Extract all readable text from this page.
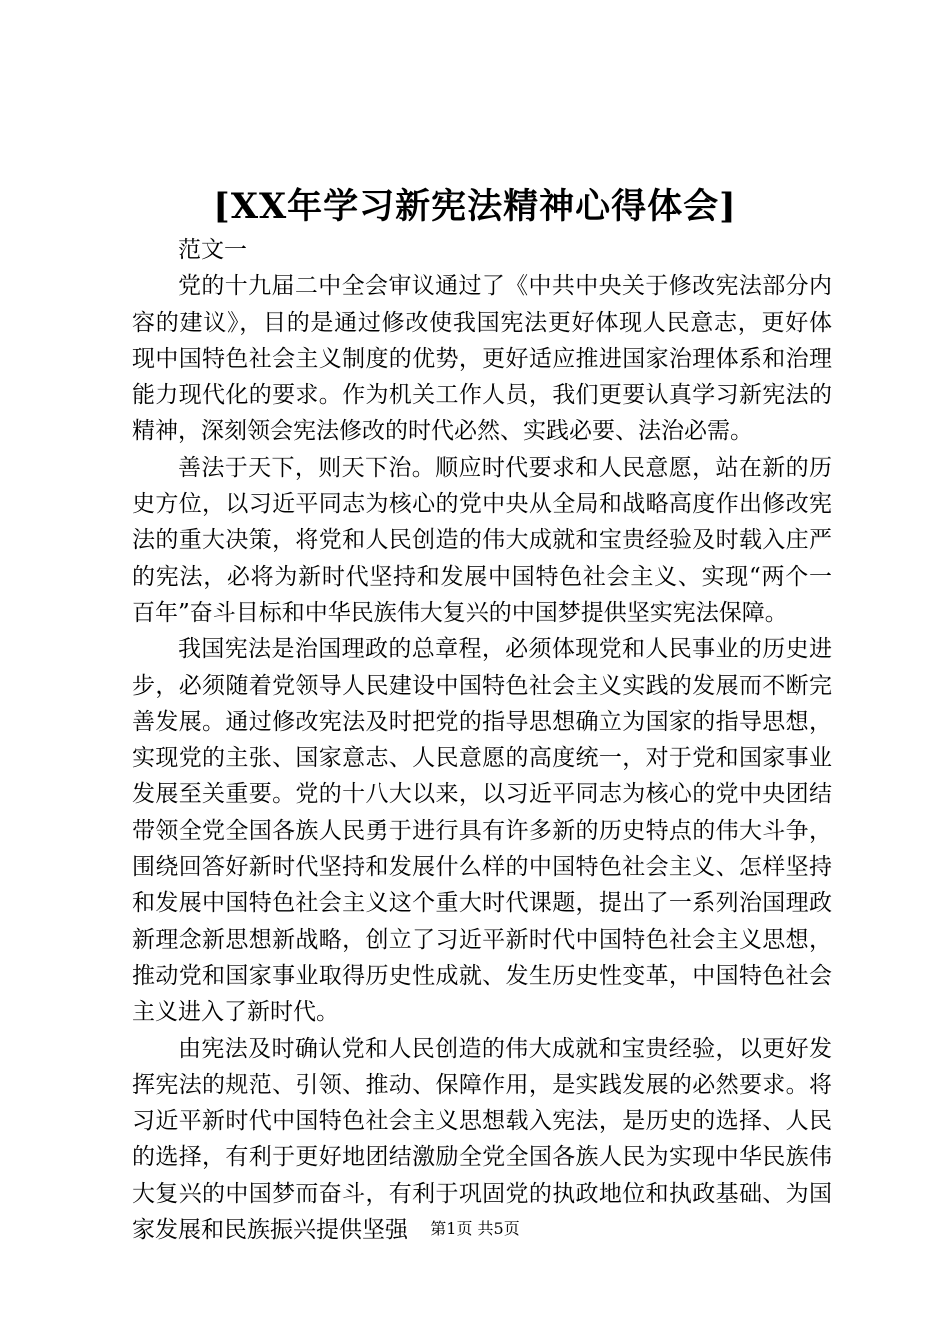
[XX年学习新宪法精神心得体会]

范文一

党的十九届二中全会审议通过了《中共中央关于修改宪法部分内容的建议》，目的是通过修改使我国宪法更好体现人民意志，更好体现中国特色社会主义制度的优势，更好适应推进国家治理体系和治理能力现代化的要求。作为机关工作人员，我们更要认真学习新宪法的精神，深刻领会宪法修改的时代必然、实践必要、法治必需。

善法于天下，则天下治。顺应时代要求和人民意愿，站在新的历史方位，以习近平同志为核心的党中央从全局和战略高度作出修改宪法的重大决策，将党和人民创造的伟大成就和宝贵经验及时载入庄严的宪法，必将为新时代坚持和发展中国特色社会主义、实现“两个一百年”奋斗目标和中华民族伟大复兴的中国梦提供坚实宪法保障。

我国宪法是治国理政的总章程，必须体现党和人民事业的历史进步，必须随着党领导人民建设中国特色社会主义实践的发展而不断完善发展。通过修改宪法及时把党的指导思想确立为国家的指导思想，实现党的主张、国家意志、人民意愿的高度统一，对于党和国家事业发展至关重要。党的十八大以来，以习近平同志为核心的党中央团结带领全党全国各族人民勇于进行具有许多新的历史特点的伟大斗争，围绕回答好新时代坚持和发展什么样的中国特色社会主义、怎样坚持和发展中国特色社会主义这个重大时代课题，提出了一系列治国理政新理念新思想新战略，创立了习近平新时代中国特色社会主义思想，推动党和国家事业取得历史性成就、发生历史性变革，中国特色社会主义进入了新时代。

由宪法及时确认党和人民创造的伟大成就和宝贵经验，以更好发挥宪法的规范、引领、推动、保障作用，是实践发展的必然要求。将习近平新时代中国特色社会主义思想载入宪法，是历史的选择、人民的选择，有利于更好地团结激励全党全国各族人民为实现中华民族伟大复兴的中国梦而奋斗，有利于巩固党的执政地位和执政基础、为国家发展和民族振兴提供坚强	第1页 共5页
